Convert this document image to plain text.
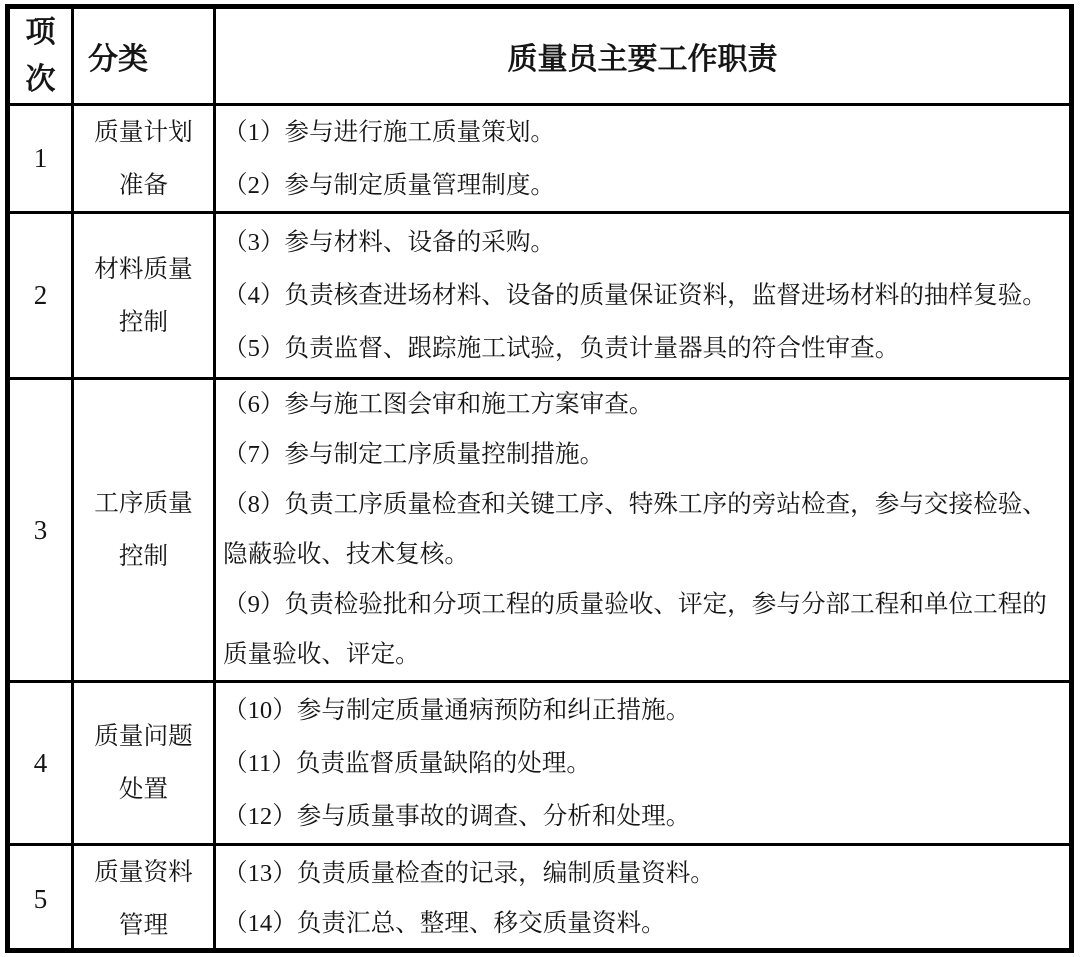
项次
分类	质量员主要工作职责
1
质量计划准备

（1）参与进行施工质量策划。

（2）参与制定质量管理制度。

2
材料质量控制

（3）参与材料、设备的采购。

（4）负责核查进场材料、设备的质量保证资料，监督进场材料的抽样复验。

（5）负责监督、跟踪施工试验，负责计量器具的符合性审查。

3
工序质量控制

（6）参与施工图会审和施工方案审查。

（7）参与制定工序质量控制措施。

（8）负责工序质量检查和关键工序、特殊工序的旁站检查，参与交接检验、隐蔽验收、技术复核。

（9）负责检验批和分项工程的质量验收、评定，参与分部工程和单位工程的质量验收、评定。

4
质量问题处置

（10）参与制定质量通病预防和纠正措施。

（11）负责监督质量缺陷的处理。

（12）参与质量事故的调查、分析和处理。

5
质量资料管理

（13）负责质量检查的记录，编制质量资料。

（14）负责汇总、整理、移交质量资料。
